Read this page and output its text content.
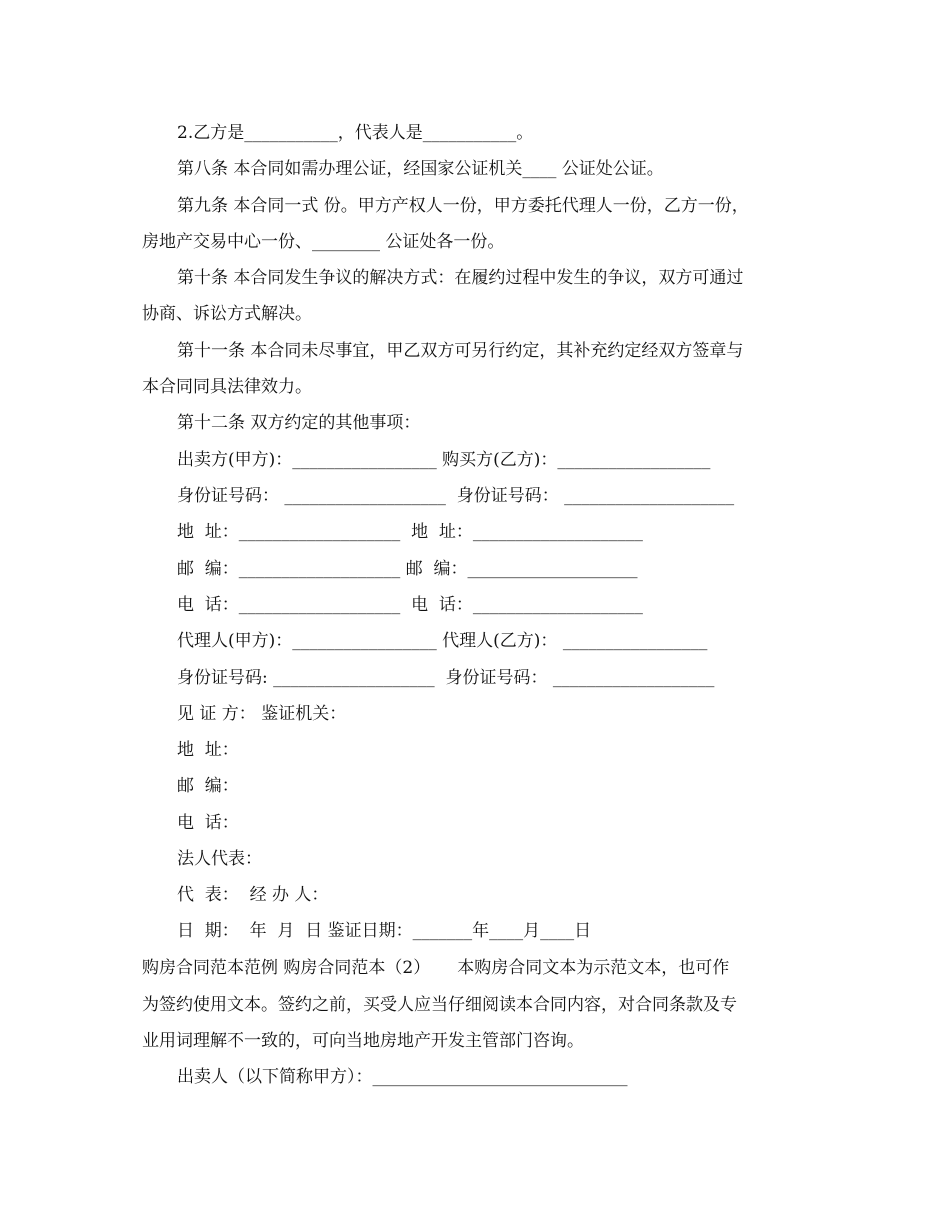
2.乙方是___________，代表人是___________。

第八条 本合同如需办理公证，经国家公证机关____ 公证处公证。

第九条 本合同一式 份。甲方产权人一份，甲方委托代理人一份，乙方一份，

房地产交易中心一份、________ 公证处各一份。

第十条 本合同发生争议的解决方式：在履约过程中发生的争议，双方可通过

协商、诉讼方式解决。

第十一条 本合同未尽事宜，甲乙双方可另行约定，其补充约定经双方签章与

本合同同具法律效力。

第十二条 双方约定的其他事项：

出卖方(甲方)：_________________ 购买方(乙方)：__________________

身份证号码： ___________________  身份证号码： ____________________

地  址：___________________  地  址：____________________

邮  编：___________________ 邮  编：____________________

电  话：___________________  电  话：____________________

代理人(甲方)：_________________ 代理人(乙方)： _________________

身份证号码: ___________________  身份证号码： ___________________

见 证 方： 鉴证机关：

地  址：

邮  编：

电  话：

法人代表：

代  表：  经 办 人：

日  期：  年  月  日 鉴证日期：_______年____月____日

购房合同范本范例 购房合同范本（2）     本购房合同文本为示范文本，也可作

为签约使用文本。签约之前，买受人应当仔细阅读本合同内容，对合同条款及专

业用词理解不一致的，可向当地房地产开发主管部门咨询。

出卖人（以下简称甲方）：______________________________
